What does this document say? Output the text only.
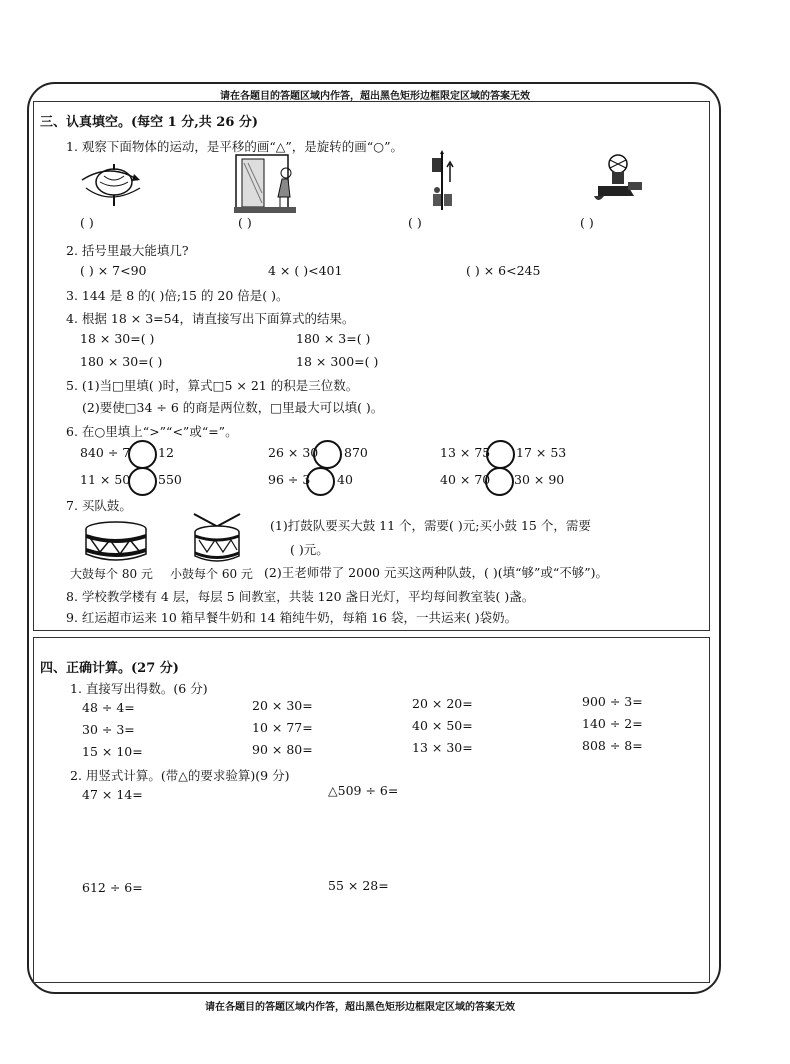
请在各题目的答题区域内作答，超出黑色矩形边框限定区域的答案无效
请在各题目的答题区域内作答，超出黑色矩形边框限定区域的答案无效
三、认真填空。(每空 1 分,共 26 分)
1. 观察下面物体的运动，是平移的画“△”，是旋转的画“○”。
( )	( )	( )	( )
2. 括号里最大能填几?
( ) × 7<90	4 × ( )<401	( ) × 6<245
3. 144 是 8 的( )倍;15 的 20 倍是( )。
4. 根据 18 × 3=54，请直接写出下面算式的结果。
18 × 30=( )	180 × 3=( )
180 × 30=( )	18 × 300=( )
5. (1)当□里填( )时，算式□5 × 21 的积是三位数。
(2)要使□34 ÷ 6 的商是两位数，□里最大可以填( )。
6. 在○里填上“>”“<”或“=”。
840 ÷ 7 12	26 × 30 870	13 × 75 17 × 53
11 × 50 550	96 ÷ 3 40	40 × 70 30 × 90
7. 买队鼓。
(1)打鼓队要买大鼓 11 个，需要( )元;买小鼓 15 个，需要
( )元。
大鼓每个 80 元 小鼓每个 60 元 (2)王老师带了 2000 元买这两种队鼓，( )(填“够”或“不够”)。
8. 学校教学楼有 4 层，每层 5 间教室，共装 120 盏日光灯，平均每间教室装( )盏。
9. 红运超市运来 10 箱早餐牛奶和 14 箱纯牛奶，每箱 16 袋，一共运来( )袋奶。
四、正确计算。(27 分)
1. 直接写出得数。(6 分)
48 ÷ 4=	20 × 30=	20 × 20=	900 ÷ 3=
30 ÷ 3=	10 × 77=	40 × 50=	140 ÷ 2=
15 × 10=	90 × 80=	13 × 30=	808 ÷ 8=
2. 用竖式计算。(带△的要求验算)(9 分)
47 × 14=	△509 ÷ 6=
612 ÷ 6=	55 × 28=
